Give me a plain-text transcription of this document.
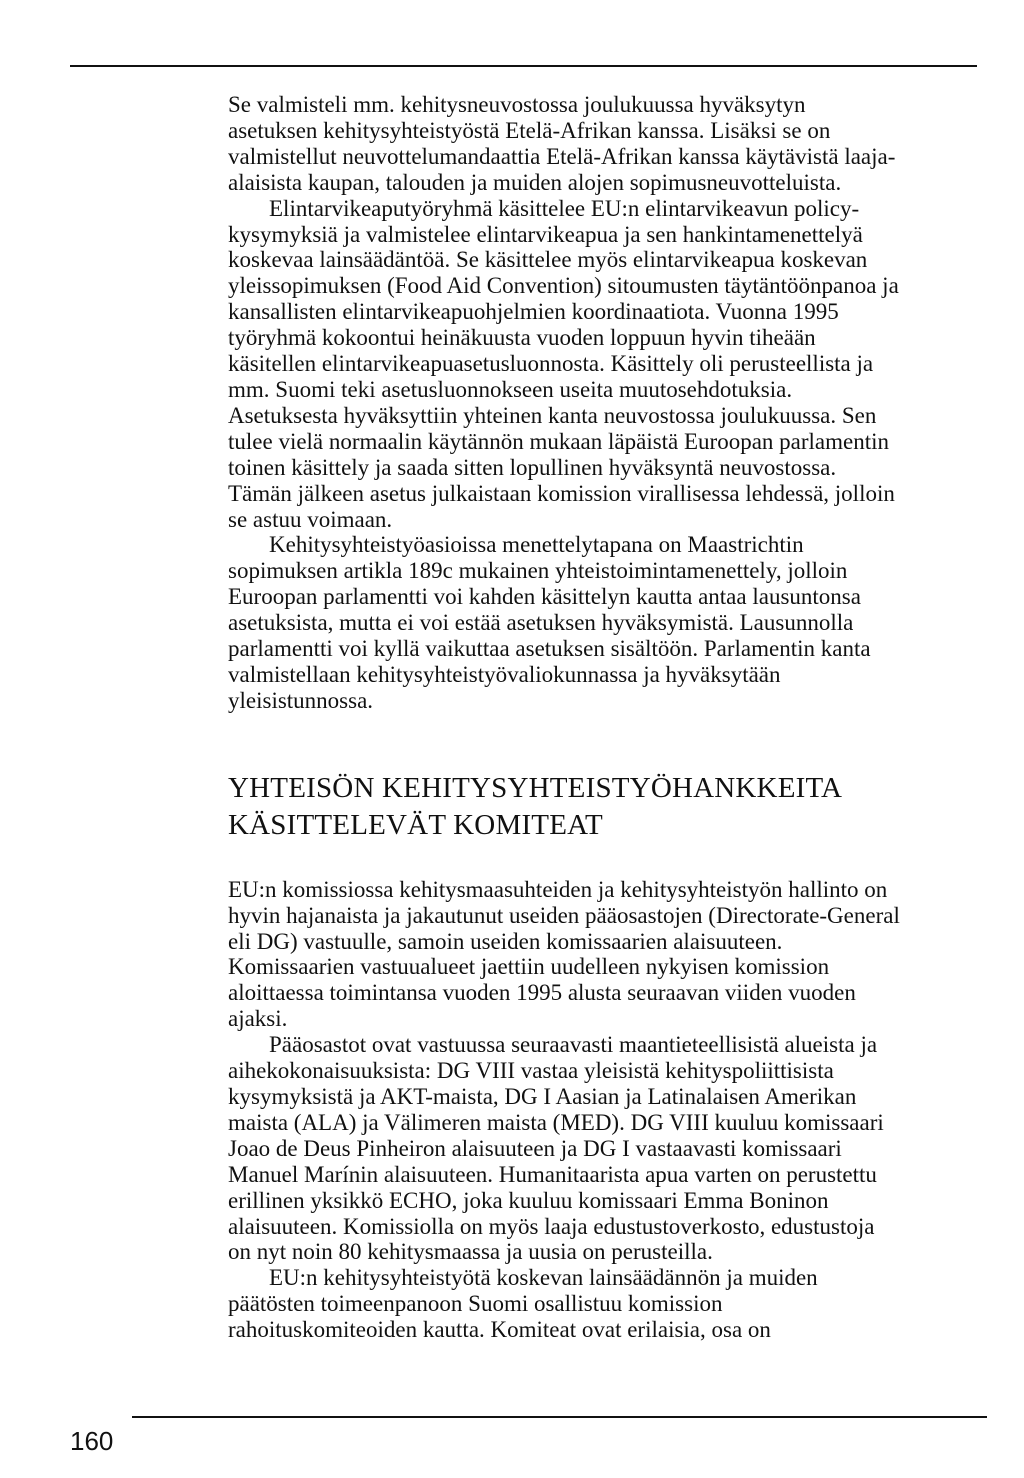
Se valmisteli mm. kehitysneuvostossa joulukuussa hyväksytyn asetuksen kehitysyhteistyöstä Etelä-Afrikan kanssa. Lisäksi se on valmistellut neuvottelumandaattia Etelä-Afrikan kanssa käytävistä laaja-alaisista kaupan, talouden ja muiden alojen sopimusneuvotteluista.

Elintarvikeaputyöryhmä käsittelee EU:n elintarvikeavun policy-kysymyksiä ja valmistelee elintarvikeapua ja sen hankintamenettelyä koskevaa lainsäädäntöä. Se käsittelee myös elintarvikeapua koskevan yleissopimuksen (Food Aid Convention) sitoumusten täytäntöönpanoa ja kansallisten elintarvikeapuohjelmien koordinaatiota. Vuonna 1995 työryhmä kokoontui heinäkuusta vuoden loppuun hyvin tiheään käsitellen elintarvikeapuasetusluonnosta. Käsittely oli perusteellista ja mm. Suomi teki asetusluonnokseen useita muutosehdotuksia. Asetuksesta hyväksyttiin yhteinen kanta neuvostossa joulukuussa. Sen tulee vielä normaalin käytännön mukaan läpäistä Euroopan parlamentin toinen käsittely ja saada sitten lopullinen hyväksyntä neuvostossa. Tämän jälkeen asetus julkaistaan komission virallisessa lehdessä, jolloin se astuu voimaan.

Kehitysyhteistyöasioissa menettelytapana on Maastrichtin sopimuksen artikla 189c mukainen yhteistoimintamenettely, jolloin Euroopan parlamentti voi kahden käsittelyn kautta antaa lausuntonsa asetuksista, mutta ei voi estää asetuksen hyväksymistä. Lausunnolla parlamentti voi kyllä vaikuttaa asetuksen sisältöön. Parlamentin kanta valmistellaan kehitysyhteistyövaliokunnassa ja hyväksytään yleisistunnossa.

YHTEISÖN KEHITYSYHTEISTYÖHANKKEITA
KÄSITTELEVÄT KOMITEAT

EU:n komissiossa kehitysmaasuhteiden ja kehitysyhteistyön hallinto on hyvin hajanaista ja jakautunut useiden pääosastojen (Directorate-General eli DG) vastuulle, samoin useiden komissaarien alaisuuteen. Komissaarien vastuualueet jaettiin uudelleen nykyisen komission aloittaessa toimintansa vuoden 1995 alusta seuraavan viiden vuoden ajaksi.

Pääosastot ovat vastuussa seuraavasti maantieteellisistä alueista ja aihekokonaisuuksista: DG VIII vastaa yleisistä kehityspoliittisista kysymyksistä ja AKT-maista, DG I Aasian ja Latinalaisen Amerikan maista (ALA) ja Välimeren maista (MED). DG VIII kuuluu komissaari Joao de Deus Pinheiron alaisuuteen ja DG I vastaavasti komissaari Manuel Marínin alaisuuteen. Humanitaarista apua varten on perustettu erillinen yksikkö ECHO, joka kuuluu komissaari Emma Boninon alaisuuteen. Komissiolla on myös laaja edustustoverkosto, edustustoja on nyt noin 80 kehitysmaassa ja uusia on perusteilla.

EU:n kehitysyhteistyötä koskevan lainsäädännön ja muiden päätösten toimeenpanoon Suomi osallistuu komission rahoituskomiteoiden kautta. Komiteat ovat erilaisia, osa on

160
